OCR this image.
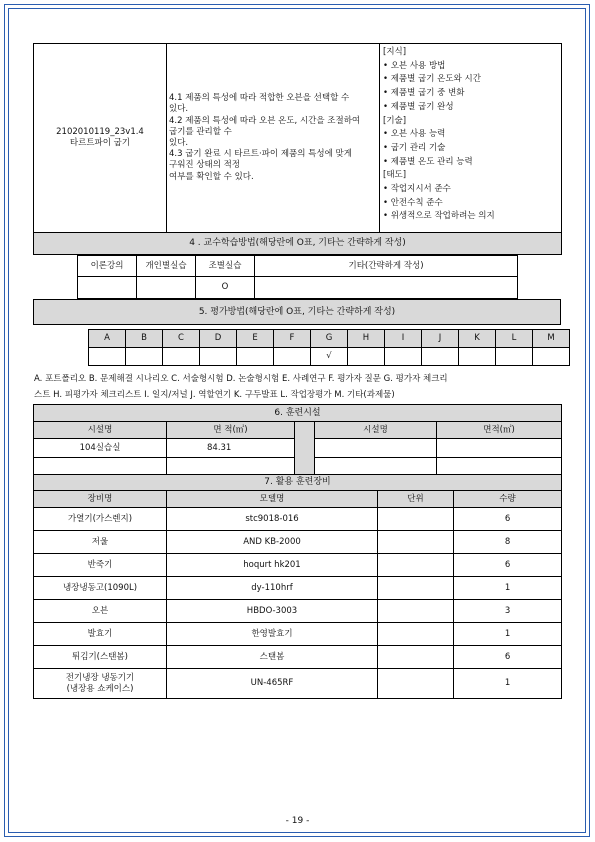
2102010119_23v1.4
타르트파이 굽기

4.1 제품의 특성에 따라 적합한 오븐을 선택할 수
있다.
4.2 제품의 특성에 따라 오븐 온도, 시간을 조절하여
굽기를 관리할 수
있다.
4.3 굽기 완료 시 타르트·파이 제품의 특성에 맞게
구워진 상태의 적정
여부를 확인할 수 있다.

[지식]
• 오븐 사용 방법
• 제품별 굽기 온도와 시간
• 제품별 굽기 중 변화
• 제품별 굽기 완성
[기술]
• 오븐 사용 능력
• 굽기 관리 기술
• 제품별 온도 관리 능력
[태도]
• 작업지시서 준수
• 안전수칙 준수
• 위생적으로 작업하려는 의지

4 . 교수학습방법(해당란에 O표, 기타는 간략하게 작성)
이론강의	개인별실습	조별실습	기타(간략하게 작성)
		O	
5. 평가방법(해당란에 O표, 기타는 간략하게 작성)
A	B	C	D	E	F	G	H	I	J	K	L	M
						√						
A. 포트폴리오 B. 문제해결 시나리오 C. 서술형시험 D. 논술형시험 E. 사례연구 F. 평가자 질문 G. 평가자 체크리
스트 H. 피평가자 체크리스트 I. 일지/저널 J. 역할연기 K. 구두발표 L. 작업장평가 M. 기타(과제물)
6. 훈련시설				
시설명	면 적(㎡)		시설명	면적(㎡)
104실습실	84.31			

7. 활용 훈련장비			
장비명	모델명	단위	수량
가열기(가스렌지)	stc9018-016		6
저울	AND KB-2000		8
반죽기	hoqurt hk201		6
냉장냉동고(1090L)	dy-110hrf		1
오븐	HBDO-3003		3
발효기	한영발효기		1
튀김기(스탠봄)	스탠봄		6
전기냉장 냉동기기
(냉장용 쇼케이스)	UN-465RF		1
- 19 -
